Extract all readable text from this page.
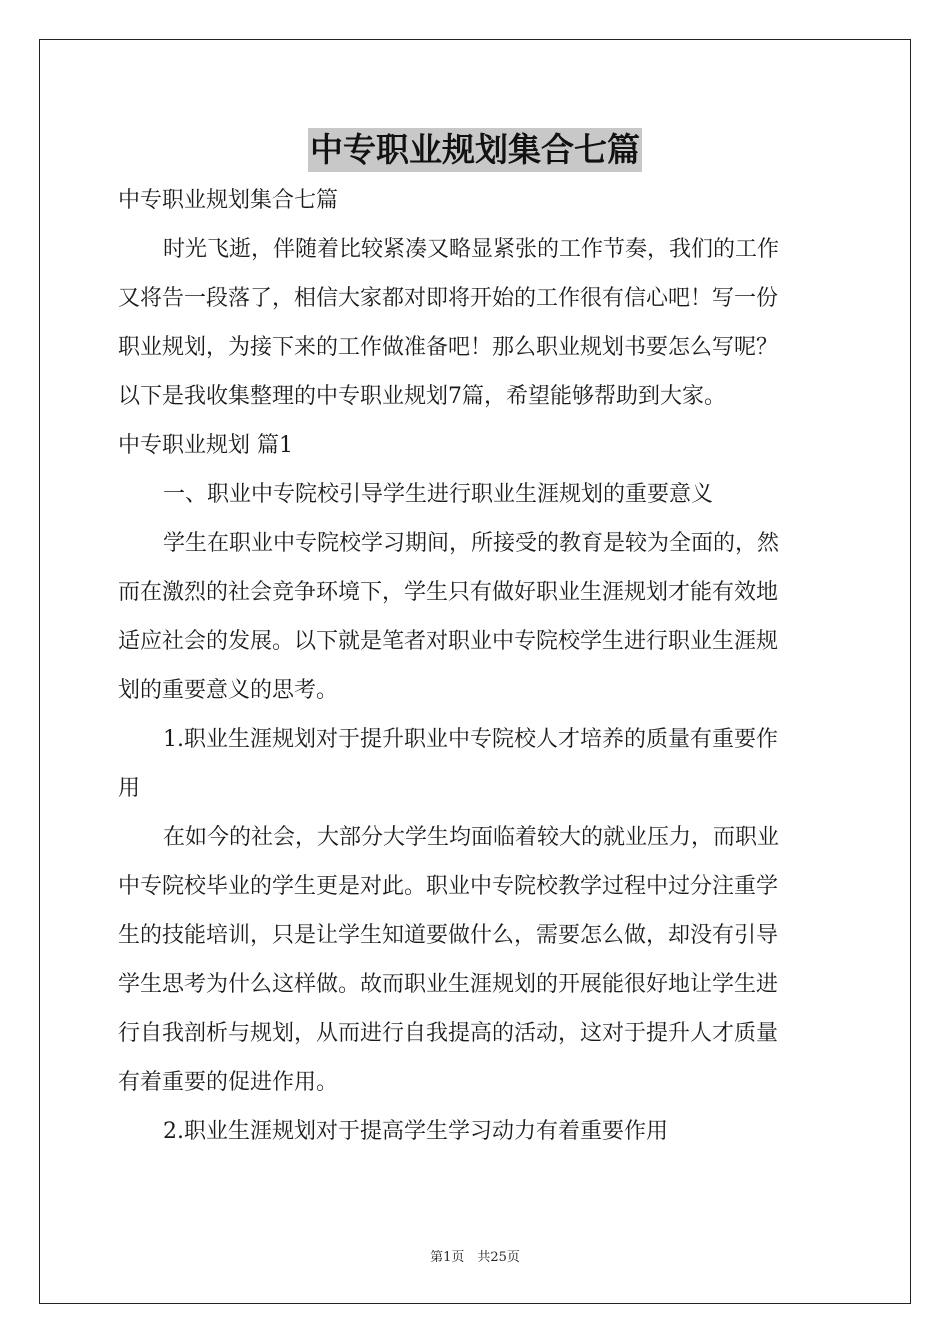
中专职业规划集合七篇
中专职业规划集合七篇
时光飞逝，伴随着比较紧凑又略显紧张的工作节奏，我们的工作
又将告一段落了，相信大家都对即将开始的工作很有信心吧！写一份
职业规划，为接下来的工作做准备吧！那么职业规划书要怎么写呢？
以下是我收集整理的中专职业规划7篇，希望能够帮助到大家。
中专职业规划 篇1
一、职业中专院校引导学生进行职业生涯规划的重要意义
学生在职业中专院校学习期间，所接受的教育是较为全面的，然
而在激烈的社会竞争环境下，学生只有做好职业生涯规划才能有效地
适应社会的发展。以下就是笔者对职业中专院校学生进行职业生涯规
划的重要意义的思考。
1.职业生涯规划对于提升职业中专院校人才培养的质量有重要作
用
在如今的社会，大部分大学生均面临着较大的就业压力，而职业
中专院校毕业的学生更是对此。职业中专院校教学过程中过分注重学
生的技能培训，只是让学生知道要做什么，需要怎么做，却没有引导
学生思考为什么这样做。故而职业生涯规划的开展能很好地让学生进
行自我剖析与规划，从而进行自我提高的活动，这对于提升人才质量
有着重要的促进作用。
2.职业生涯规划对于提高学生学习动力有着重要作用
第1页　共25页
